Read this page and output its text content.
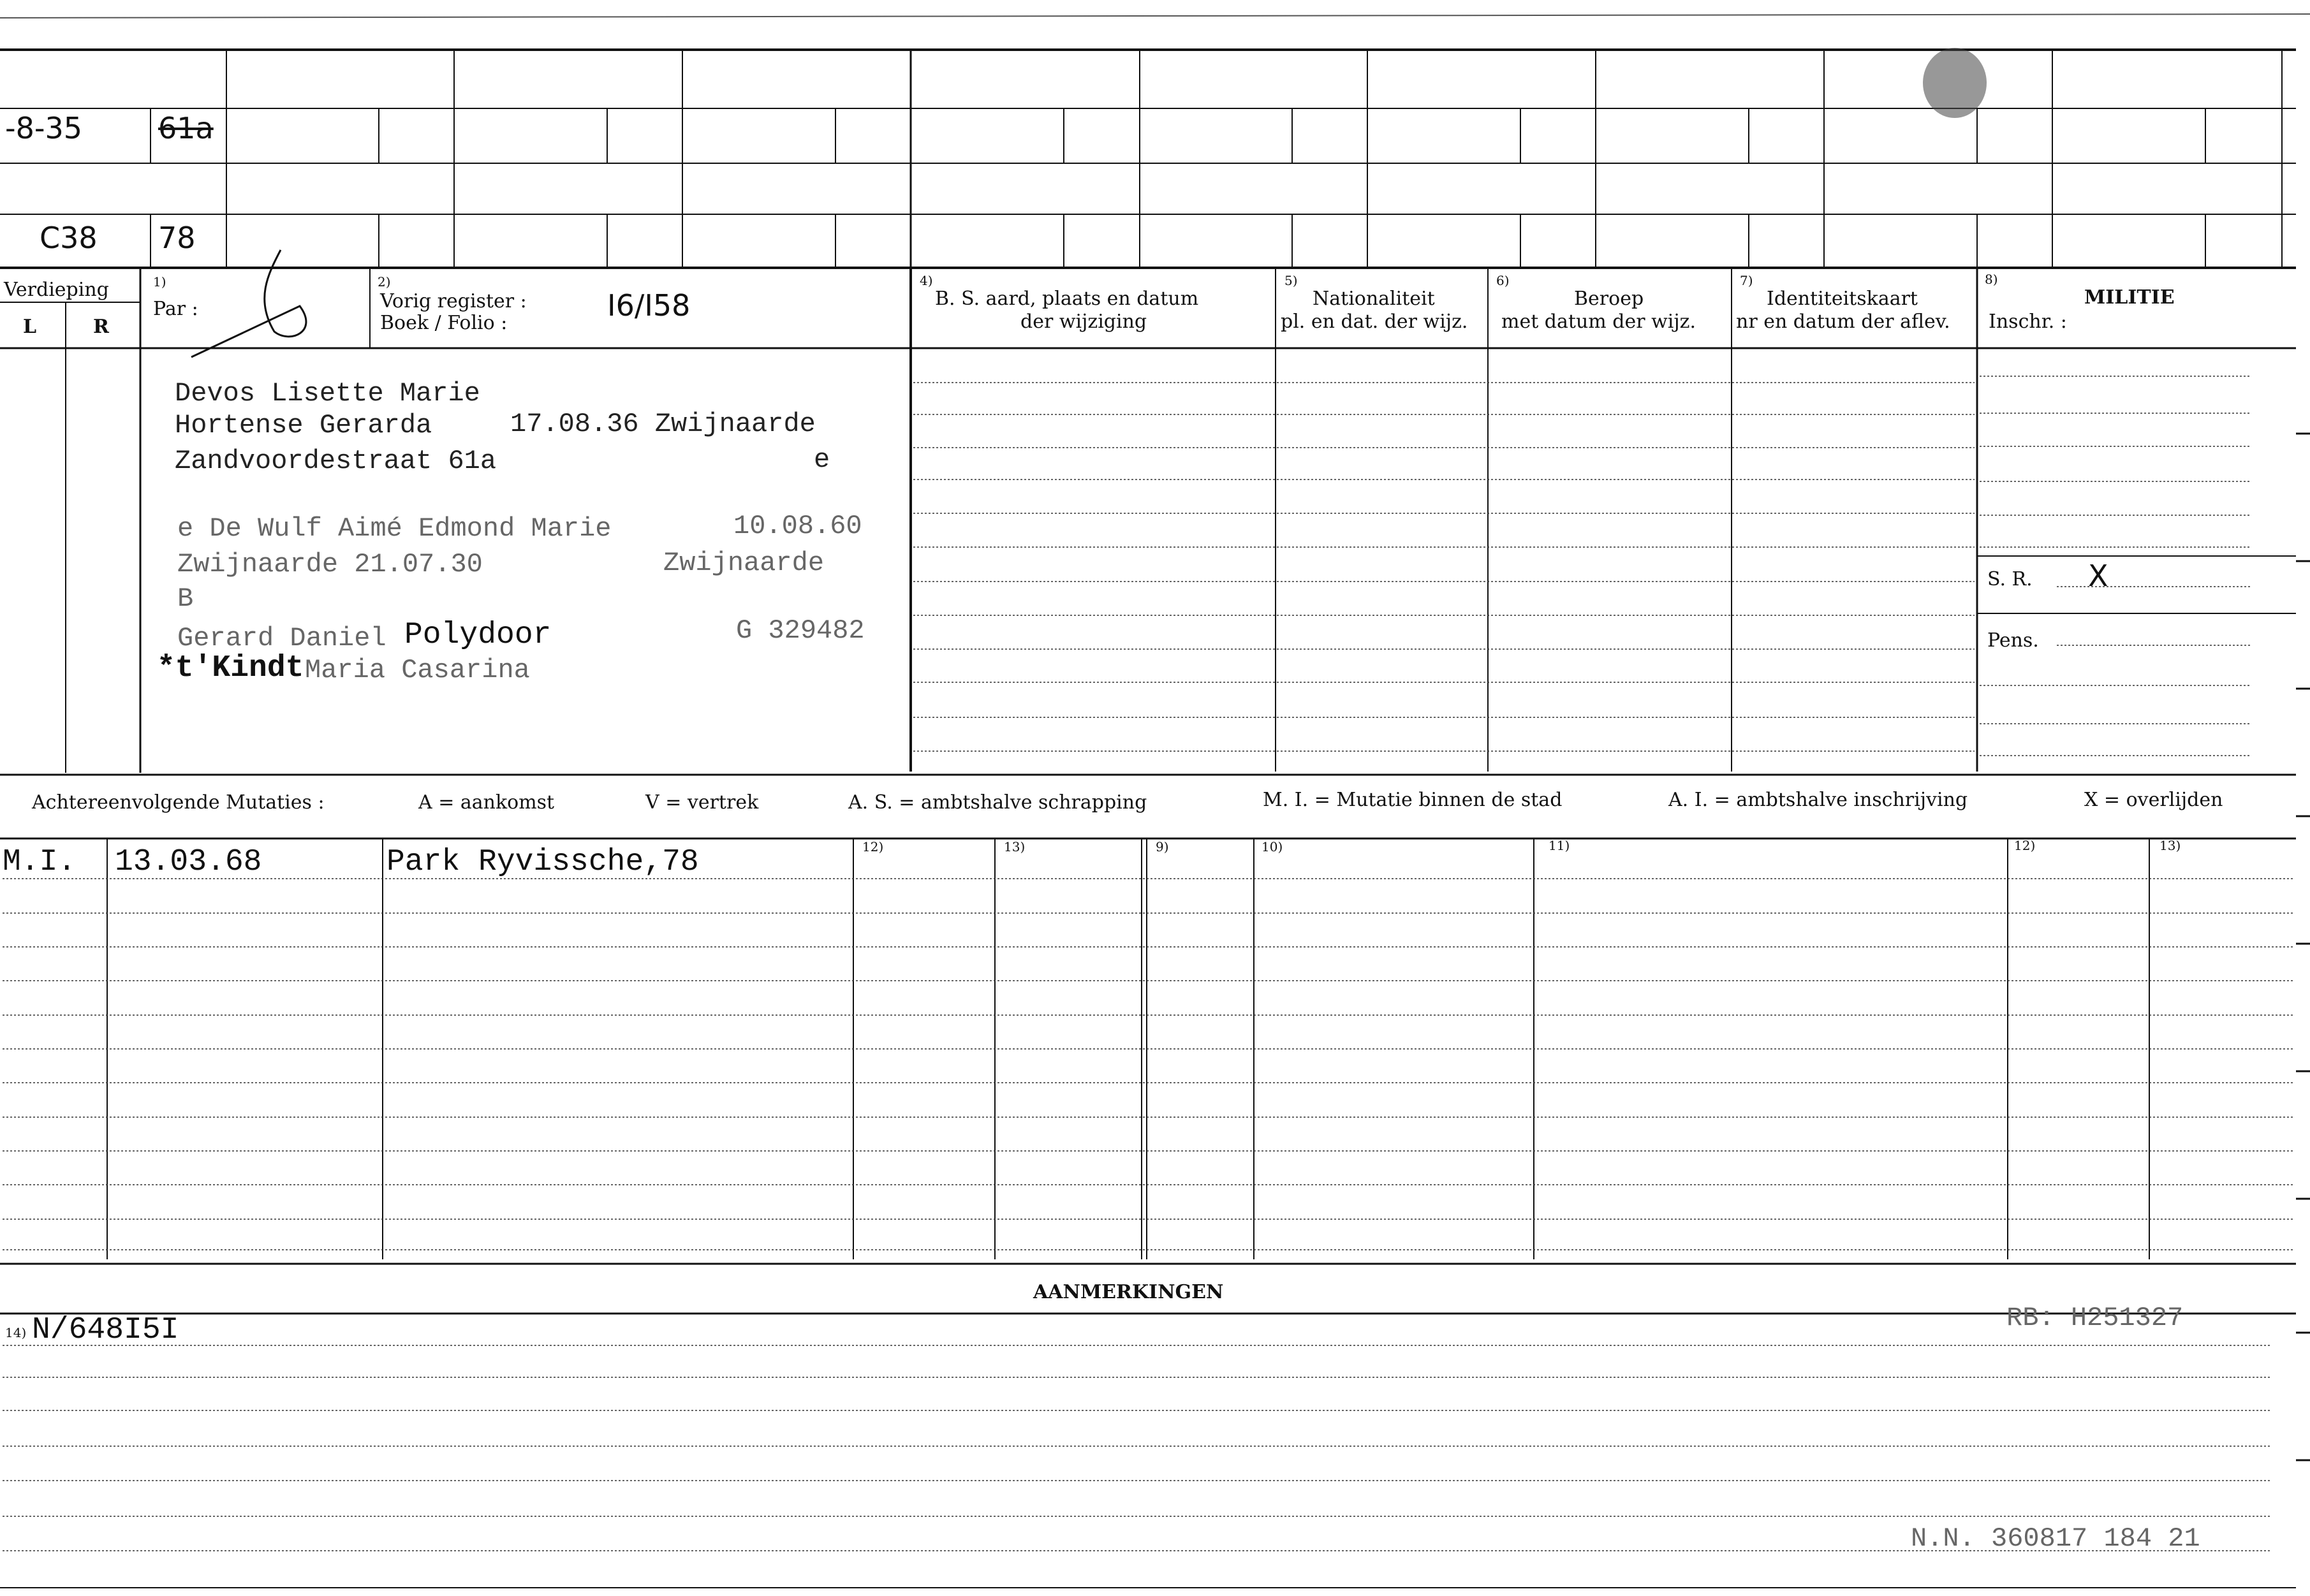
-8-35	61a
C38 78
Verdieping
L	R
1)
Par :
2)
Vorig register :
Boek / Folio :
I6/I58
4)
B. S. aard, plaats en datum
der wijziging
5)
Nationaliteit
pl. en dat. der wijz.
6)
Beroep
met datum der wijz.
7)
Identiteitskaart
nr en datum der aflev.
8)
MILITIE
Inschr. :
Devos Lisette Marie
Hortense Gerarda	17.08.36 Zwijnaarde
Zandvoordestraat 61a	e
e De Wulf Aimé Edmond Marie	10.08.60
Zwijnaarde 21.07.30	Zwijnaarde
B
Gerard Daniel Polydoor	G 329482
*t'Kindt Maria Casarina
S. R. X
Pens.
Achtereenvolgende Mutaties :	A = aankomst	V = vertrek	A. S. = ambtshalve schrapping	M. I. = Mutatie binnen de stad	A. I. = ambtshalve inschrijving	X = overlijden
12)	13)	9)	10)	11)	12)	13)
M.I. 13.03.68	Park Ryvissche,78
AANMERKINGEN
14) N/648I5I	RB: H251327
N.N. 360817 184 21
